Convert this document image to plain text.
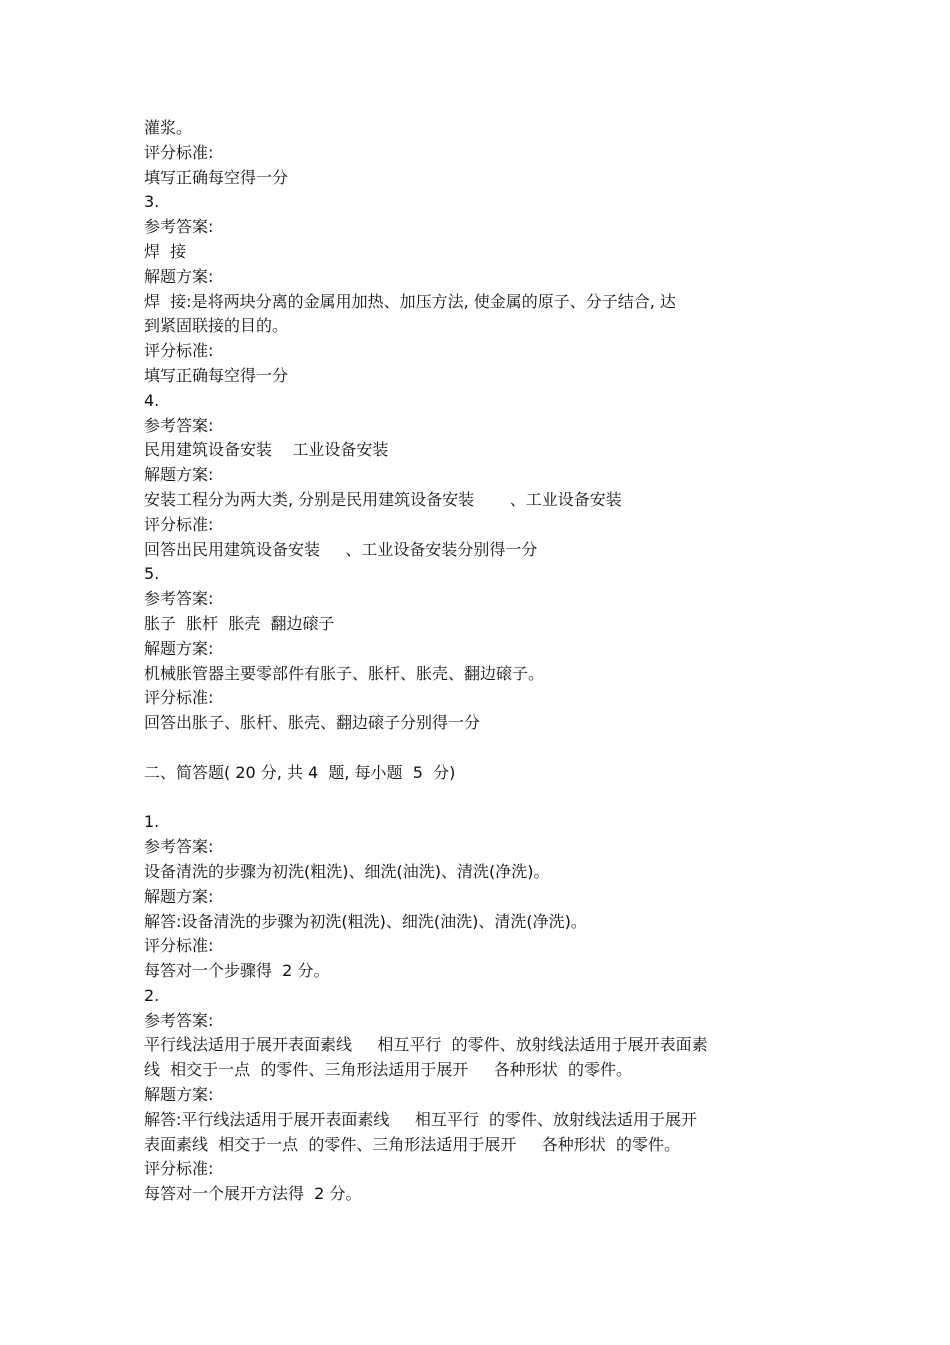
灌浆。
评分标准:
填写正确每空得一分
3.
参考答案:
焊  接
解题方案:
焊  接:是将两块分离的金属用加热、加压方法, 使金属的原子、分子结合, 达
到紧固联接的目的。
评分标准:
填写正确每空得一分
4.
参考答案:
民用建筑设备安装    工业设备安装
解题方案:
安装工程分为两大类, 分别是民用建筑设备安装       、工业设备安装
评分标准:
回答出民用建筑设备安装     、工业设备安装分别得一分
5.
参考答案:
胀子  胀杆  胀壳  翻边磙子
解题方案:
机械胀管器主要零部件有胀子、胀杆、胀壳、翻边磙子。
评分标准:
回答出胀子、胀杆、胀壳、翻边磙子分别得一分
二、简答题( 20 分, 共 4  题, 每小题  5  分)
1.
参考答案:
设备清洗的步骤为初洗(粗洗)、细洗(油洗)、清洗(净洗)。
解题方案:
解答:设备清洗的步骤为初洗(粗洗)、细洗(油洗)、清洗(净洗)。
评分标准:
每答对一个步骤得  2 分。
2.
参考答案:
平行线法适用于展开表面素线     相互平行  的零件、放射线法适用于展开表面素
线  相交于一点  的零件、三角形法适用于展开     各种形状  的零件。
解题方案:
解答:平行线法适用于展开表面素线     相互平行  的零件、放射线法适用于展开
表面素线  相交于一点  的零件、三角形法适用于展开     各种形状  的零件。
评分标准:
每答对一个展开方法得  2 分。
